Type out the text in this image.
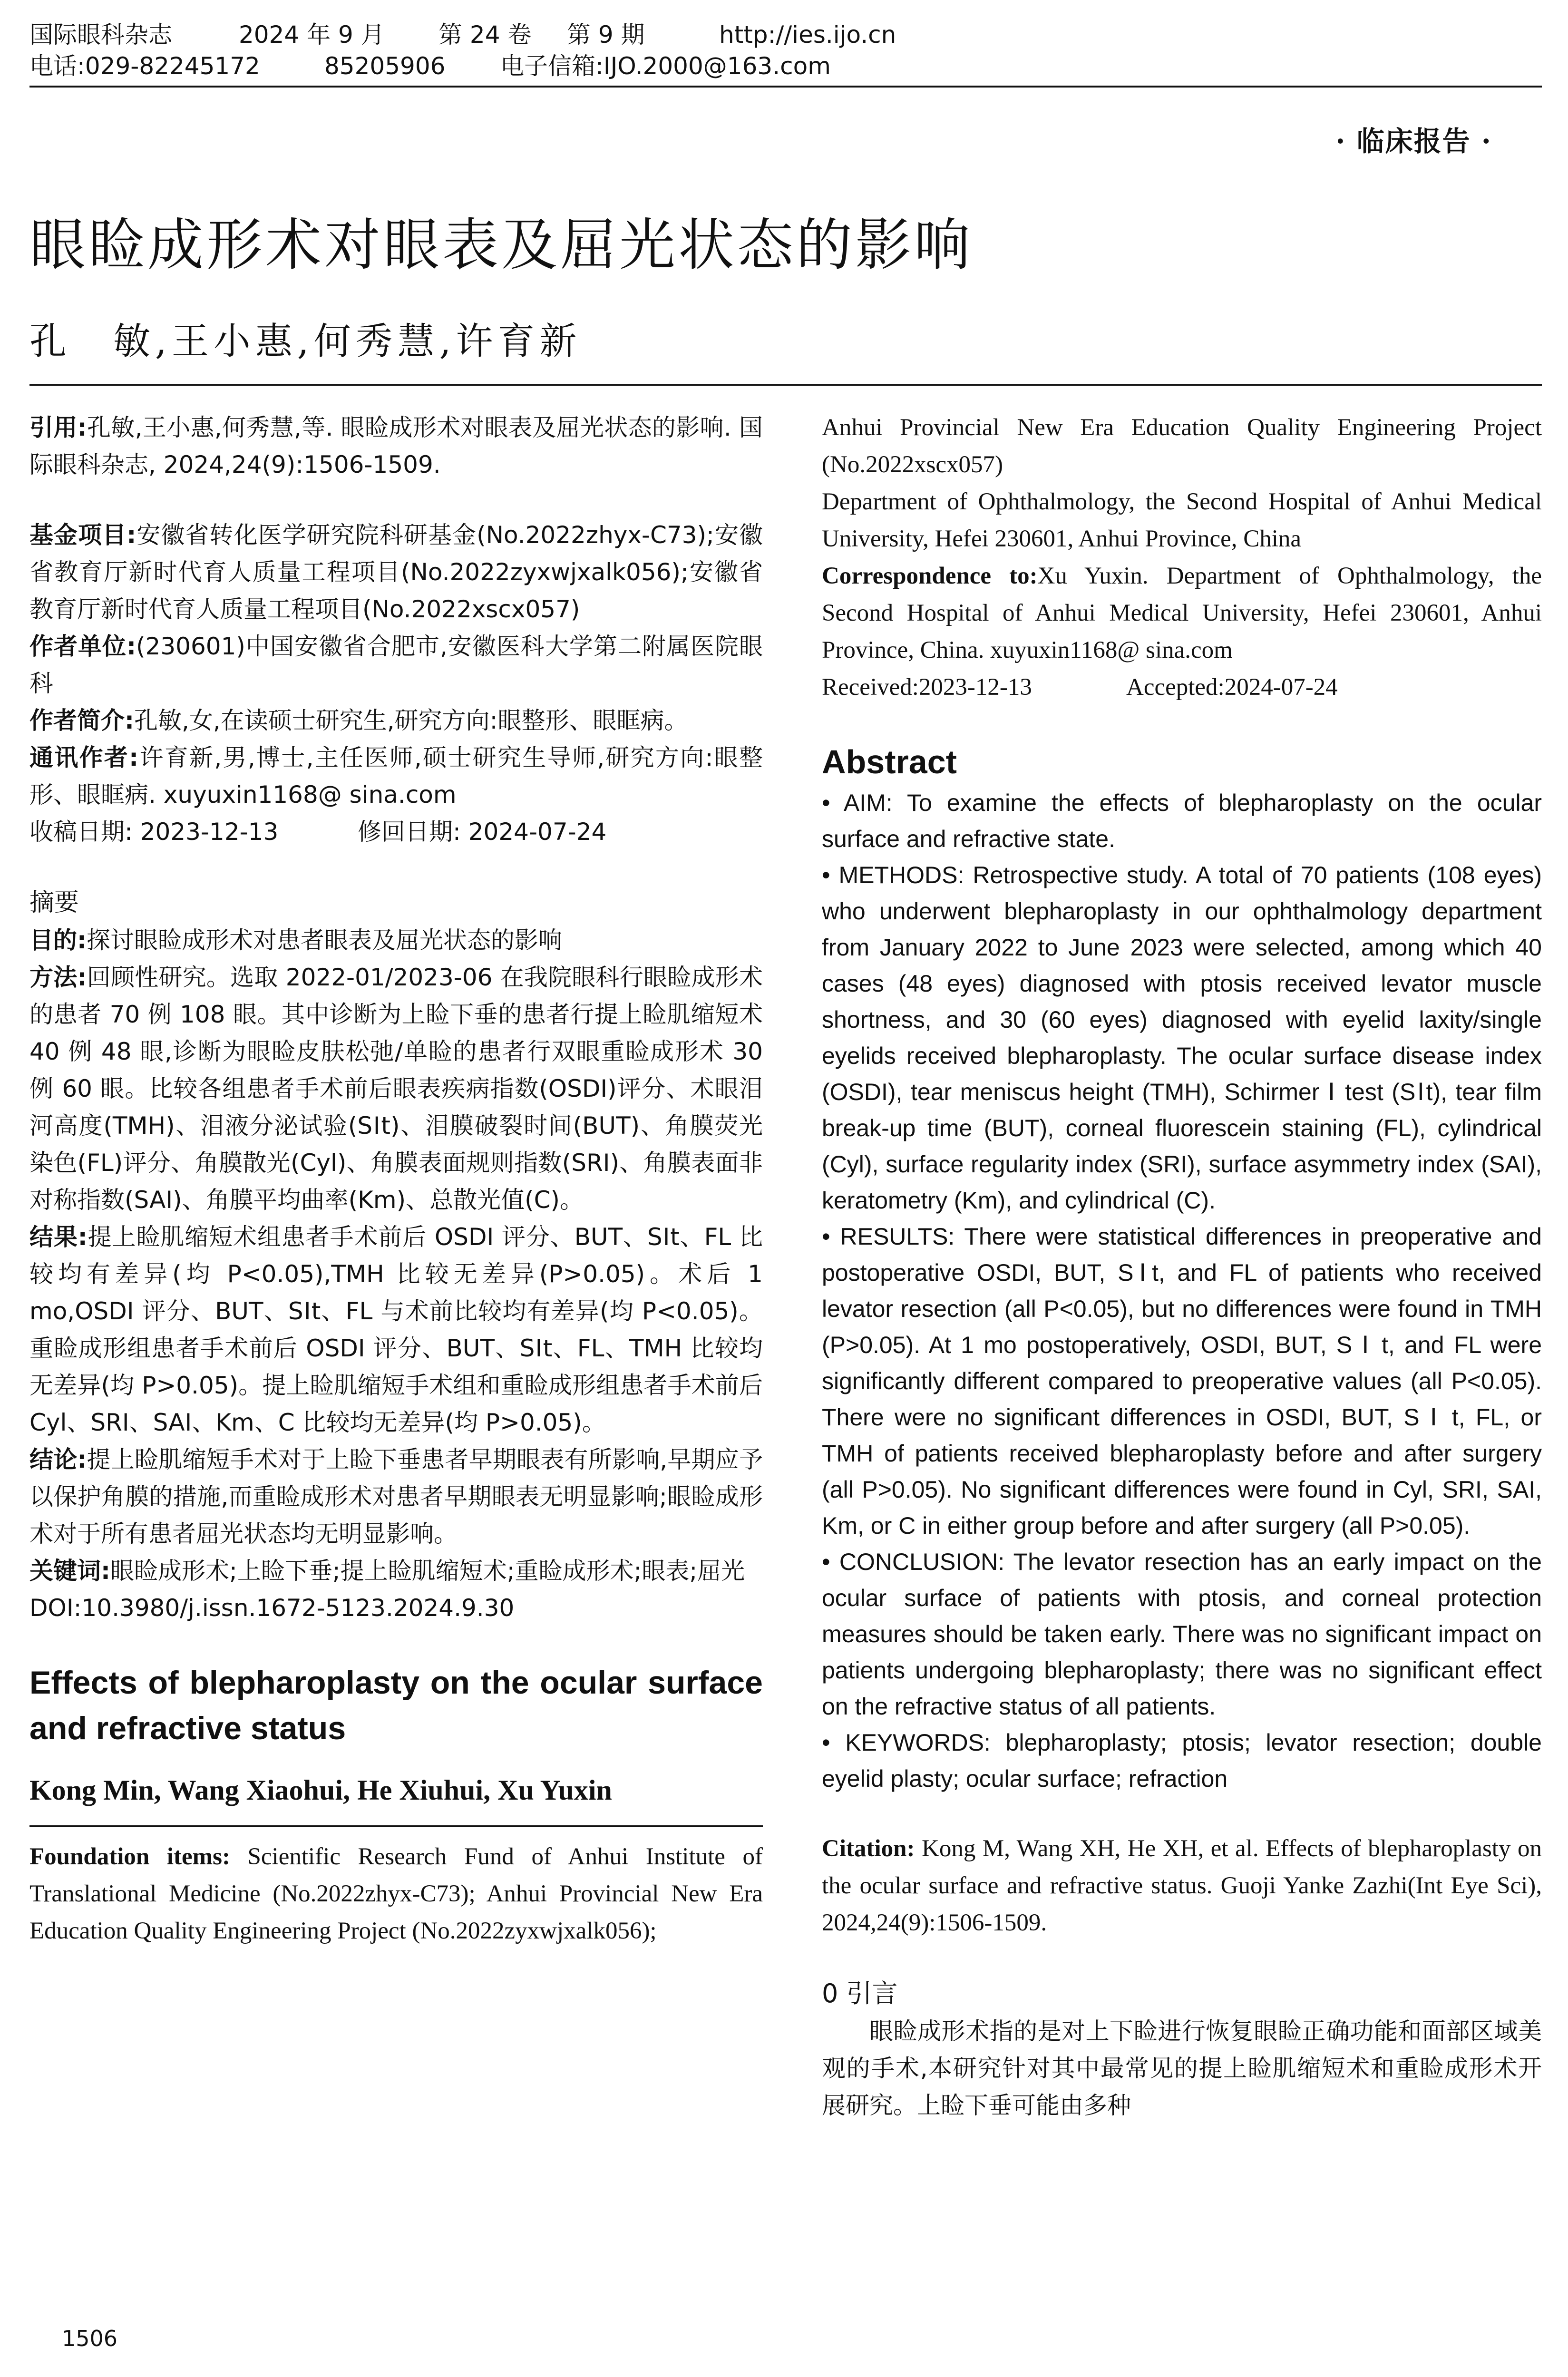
国际眼科杂志	2024 年 9 月 第 24 卷 第 9 期	http://ies.ijo.cn
电话:029-82245172	85205906 电子信箱:IJO.2000@163.com
· 临床报告 ·
眼睑成形术对眼表及屈光状态的影响
孔　敏,王小惠,何秀慧,许育新

引用:孔敏,王小惠,何秀慧,等. 眼睑成形术对眼表及屈光状态的影响. 国际眼科杂志, 2024,24(9):1506-1509.

基金项目:安徽省转化医学研究院科研基金(No.2022zhyx-C73);安徽省教育厅新时代育人质量工程项目(No.2022zyxwjxalk056);安徽省教育厅新时代育人质量工程项目(No.2022xscx057)

作者单位:(230601)中国安徽省合肥市,安徽医科大学第二附属医院眼科

作者简介:孔敏,女,在读硕士研究生,研究方向:眼整形、眼眶病。

通讯作者:许育新,男,博士,主任医师,硕士研究生导师,研究方向:眼整形、眼眶病. xuyuxin1168@ sina.com

收稿日期: 2023-12-13	修回日期: 2024-07-24

摘要

目的:探讨眼睑成形术对患者眼表及屈光状态的影响

方法:回顾性研究。选取 2022-01/2023-06 在我院眼科行眼睑成形术的患者 70 例 108 眼。其中诊断为上睑下垂的患者行提上睑肌缩短术 40 例 48 眼,诊断为眼睑皮肤松弛/单睑的患者行双眼重睑成形术 30 例 60 眼。比较各组患者手术前后眼表疾病指数(OSDI)评分、术眼泪河高度(TMH)、泪液分泌试验(SⅠt)、泪膜破裂时间(BUT)、角膜荧光染色(FL)评分、角膜散光(Cyl)、角膜表面规则指数(SRI)、角膜表面非对称指数(SAI)、角膜平均曲率(Km)、总散光值(C)。

结果:提上睑肌缩短术组患者手术前后 OSDI 评分、BUT、SⅠt、FL 比较均有差异(均 P<0.05),TMH 比较无差异(P>0.05)。术后 1 mo,OSDI 评分、BUT、SⅠt、FL 与术前比较均有差异(均 P<0.05)。重睑成形组患者手术前后 OSDI 评分、BUT、SⅠt、FL、TMH 比较均无差异(均 P>0.05)。提上睑肌缩短手术组和重睑成形组患者手术前后 Cyl、SRI、SAI、Km、C 比较均无差异(均 P>0.05)。

结论:提上睑肌缩短手术对于上睑下垂患者早期眼表有所影响,早期应予以保护角膜的措施,而重睑成形术对患者早期眼表无明显影响;眼睑成形术对于所有患者屈光状态均无明显影响。

关键词:眼睑成形术;上睑下垂;提上睑肌缩短术;重睑成形术;眼表;屈光

DOI:10.3980/j.issn.1672-5123.2024.9.30

Effects of blepharoplasty on the ocular surface and refractive status
Kong Min, Wang Xiaohui, He Xiuhui, Xu Yuxin

Foundation items: Scientific Research Fund of Anhui Institute of Translational Medicine (No.2022zhyx-C73); Anhui Provincial New Era Education Quality Engineering Project (No.2022zyxwjxalk056);

Anhui Provincial New Era Education Quality Engineering Project (No.2022xscx057)

Department of Ophthalmology, the Second Hospital of Anhui Medical University, Hefei 230601, Anhui Province, China

Correspondence to:Xu Yuxin. Department of Ophthalmology, the Second Hospital of Anhui Medical University, Hefei 230601, Anhui Province, China. xuyuxin1168@ sina.com

Received:2023-12-13	Accepted:2024-07-24

Abstract

• AIM: To examine the effects of blepharoplasty on the ocular surface and refractive state.

• METHODS: Retrospective study. A total of 70 patients (108 eyes) who underwent blepharoplasty in our ophthalmology department from January 2022 to June 2023 were selected, among which 40 cases (48 eyes) diagnosed with ptosis received levator muscle shortness, and 30 (60 eyes) diagnosed with eyelid laxity/single eyelids received blepharoplasty. The ocular surface disease index (OSDI), tear meniscus height (TMH), Schirmer Ⅰ test (SⅠt), tear film break-up time (BUT), corneal fluorescein staining (FL), cylindrical (Cyl), surface regularity index (SRI), surface asymmetry index (SAI), keratometry (Km), and cylindrical (C).

• RESULTS: There were statistical differences in preoperative and postoperative OSDI, BUT, SⅠt, and FL of patients who received levator resection (all P<0.05), but no differences were found in TMH (P>0.05). At 1 mo postoperatively, OSDI, BUT, S Ⅰ t, and FL were significantly different compared to preoperative values (all P<0.05). There were no significant differences in OSDI, BUT, S Ⅰ t, FL, or TMH of patients received blepharoplasty before and after surgery (all P>0.05). No significant differences were found in Cyl, SRI, SAI, Km, or C in either group before and after surgery (all P>0.05).

• CONCLUSION: The levator resection has an early impact on the ocular surface of patients with ptosis, and corneal protection measures should be taken early. There was no significant impact on patients undergoing blepharoplasty; there was no significant effect on the refractive status of all patients.

• KEYWORDS: blepharoplasty; ptosis; levator resection; double eyelid plasty; ocular surface; refraction

Citation: Kong M, Wang XH, He XH, et al. Effects of blepharoplasty on the ocular surface and refractive status. Guoji Yanke Zazhi(Int Eye Sci), 2024,24(9):1506-1509.

0 引言

眼睑成形术指的是对上下睑进行恢复眼睑正确功能和面部区域美观的手术,本研究针对其中最常见的提上睑肌缩短术和重睑成形术开展研究。上睑下垂可能由多种

1506
